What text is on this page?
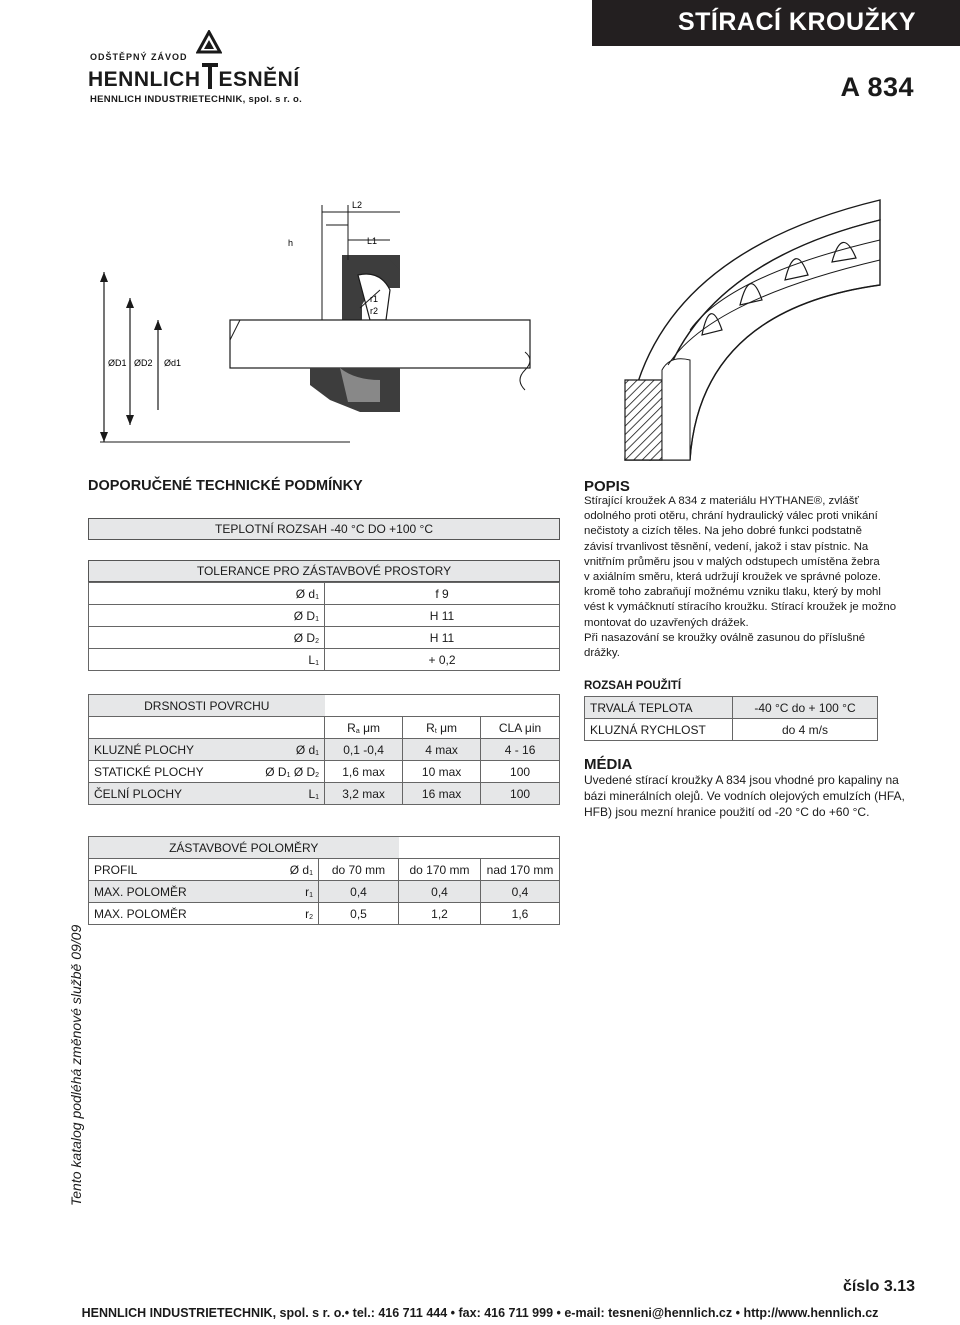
ODŠTĚPNÝ ZÁVOD
HENNLICH ESNĚNÍ
HENNLICH INDUSTRIETECHNIK, spol. s r. o.
STÍRACÍ KROUŽKY
A 834
L2
h	L1
r1
r2
ØD1 ØD2 Ød1
DOPORUČENÉ TECHNICKÉ PODMÍNKY
TEPLOTNÍ ROZSAH -40 °C DO +100 °C
TOLERANCE PRO ZÁSTAVBOVÉ PROSTORY
Ø $d_1$	f 9
Ø $D_1$	H 11
Ø $D_2$	H 11
$L_1$	+ 0,2
DRSNOSTI POVRCHU				
		$R_a$ μm	$R_t$ μm	CLA μin
KLUZNÉ PLOCHY	Ø $d_1$	0,1 -0,4	4 max	4 - 16
STATICKÉ PLOCHY	Ø $D_1$ Ø $D_2$	1,6 max	10 max	100
ČELNÍ PLOCHY	$L_1$	3,2 max	16 max	100
ZÁSTAVBOVÉ POLOMĚRY				
PROFIL	Ø $d_1$	do 70 mm	do 170 mm	nad 170 mm
MAX. POLOMĚR	$r_1$	0,4	0,4	0,4
MAX. POLOMĚR	$r_2$	0,5	1,2	1,6
POPIS
Stírající kroužek A 834 z materiálu HYTHANE®, zvlášť
odolného proti otěru, chrání hydraulický válec proti vnikání
nečistoty a cizích těles. Na jeho dobré funkci podstatně
závisí trvanlivost těsnění, vedení, jakož i stav pístnic. Na
vnitřním průměru jsou v malých odstupech umístěna žebra
v axiálním směru, která udržují kroužek ve správné poloze.
kromě toho zabraňují možnému vzniku tlaku, který by mohl
vést k vymáčknutí stíracího kroužku. Stírací kroužek je možno
montovat do uzavřených drážek.
Při nasazování se kroužky oválně zasunou do příslušné
drážky.
ROZSAH POUŽITÍ
TRVALÁ TEPLOTA	-40 °C do + 100 °C
KLUZNÁ RYCHLOST	do 4 m/s
MÉDIA
Uvedené stírací kroužky A 834 jsou vhodné pro kapaliny na
bázi minerálních olejů. Ve vodních olejových emulzích (HFA,
HFB) jsou mezní hranice použití od -20 °C do +60 °C.
Tento katalog podléhá změnové službě 09/09
číslo 3.13
HENNLICH INDUSTRIETECHNIK, spol. s r. o.• tel.: 416 711 444 • fax: 416 711 999 • e-mail: tesneni@hennlich.cz • http://www.hennlich.cz
